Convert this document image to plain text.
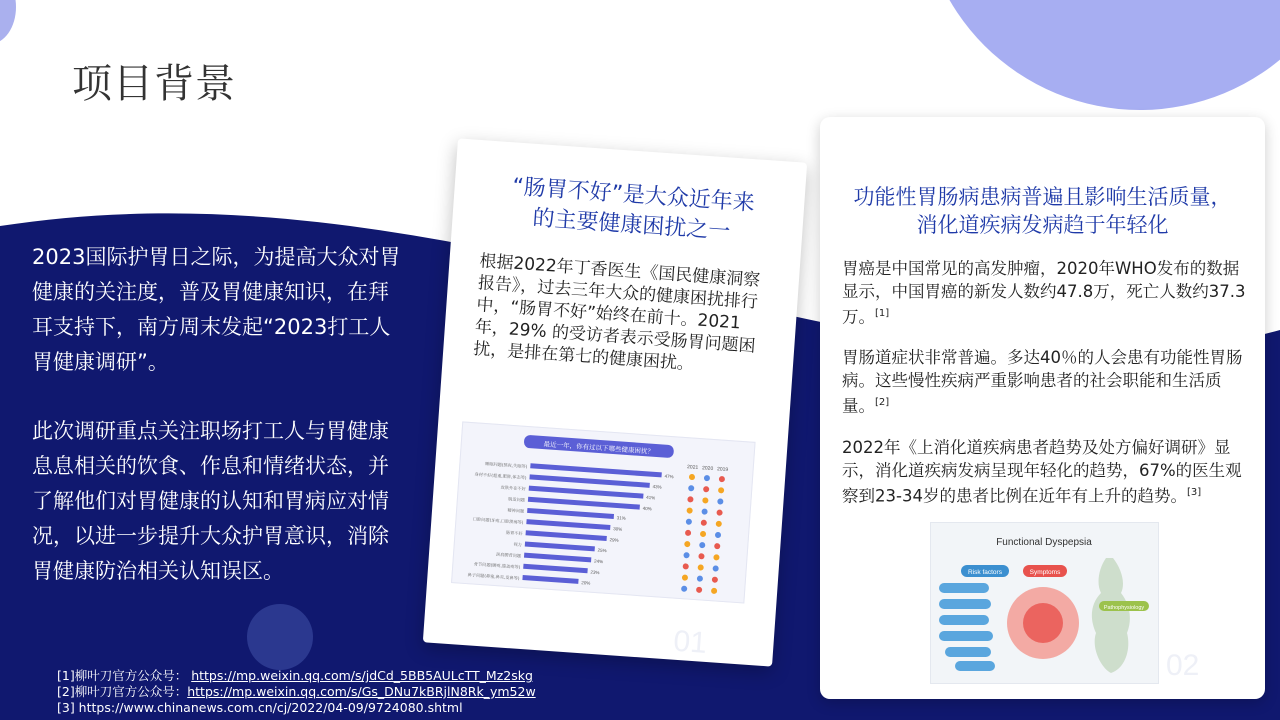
项目背景
2023国际护胃日之际，为提高大众对胃健康的关注度，普及胃健康知识，在拜耳支持下，南方周末发起“2023打工人胃健康调研”。
此次调研重点关注职场打工人与胃健康息息相关的饮食、作息和情绪状态，并了解他们对胃健康的认知和胃病应对情况，以进一步提升大众护胃意识，消除胃健康防治相关认知误区。
“肠胃不好”是大众近年来
的主要健康困扰之一
根据2022年丁香医生《国民健康洞察报告》，过去三年大众的健康困扰排行中，“肠胃不好”始终在前十。2021年，29% 的受访者表示受肠胃问题困扰，是排在第七的健康困扰。
最近一年，你有过以下哪些健康困扰？
2021 2020 2019
睡眠问题(熬夜,失眠等)
47%
身材不好(超重,肥胖,体态等)
43%
皮肤外在不好
41%
脱发问题
40%
精神问题
31%
口腔问题(牙疼,口腔溃疡等)
30%
肠胃不好
29%
视力
25%
颈肩腰背问题
24%
骨节问题(腰疼,膝盖疼等)
23%
鼻子问题(鼻塞,鼻炎,发鼻等)
20%
01
功能性胃肠病患病普遍且影响生活质量，
消化道疾病发病趋于年轻化
胃癌是中国常见的高发肿瘤，2020年WHO发布的数据显示，中国胃癌的新发人数约47.8万，死亡人数约37.3万。[1]
胃肠道症状非常普遍。多达40％的人会患有功能性胃肠病。这些慢性疾病严重影响患者的社会职能和生活质量。[2]
2022年《上消化道疾病患者趋势及处方偏好调研》显示，消化道疾病发病呈现年轻化的趋势，67%的医生观察到23-34岁的患者比例在近年有上升的趋势。[3]
Functional Dyspepsia
Risk factors	Symptoms
Pathophysiology
02
[1]柳叶刀官方公众号： https://mp.weixin.qq.com/s/jdCd_5BB5AULcTT_Mz2skg
[2]柳叶刀官方公众号：https://mp.weixin.qq.com/s/Gs_DNu7kBRjlN8Rk_ym52w
[3] https://www.chinanews.com.cn/cj/2022/04-09/9724080.shtml
